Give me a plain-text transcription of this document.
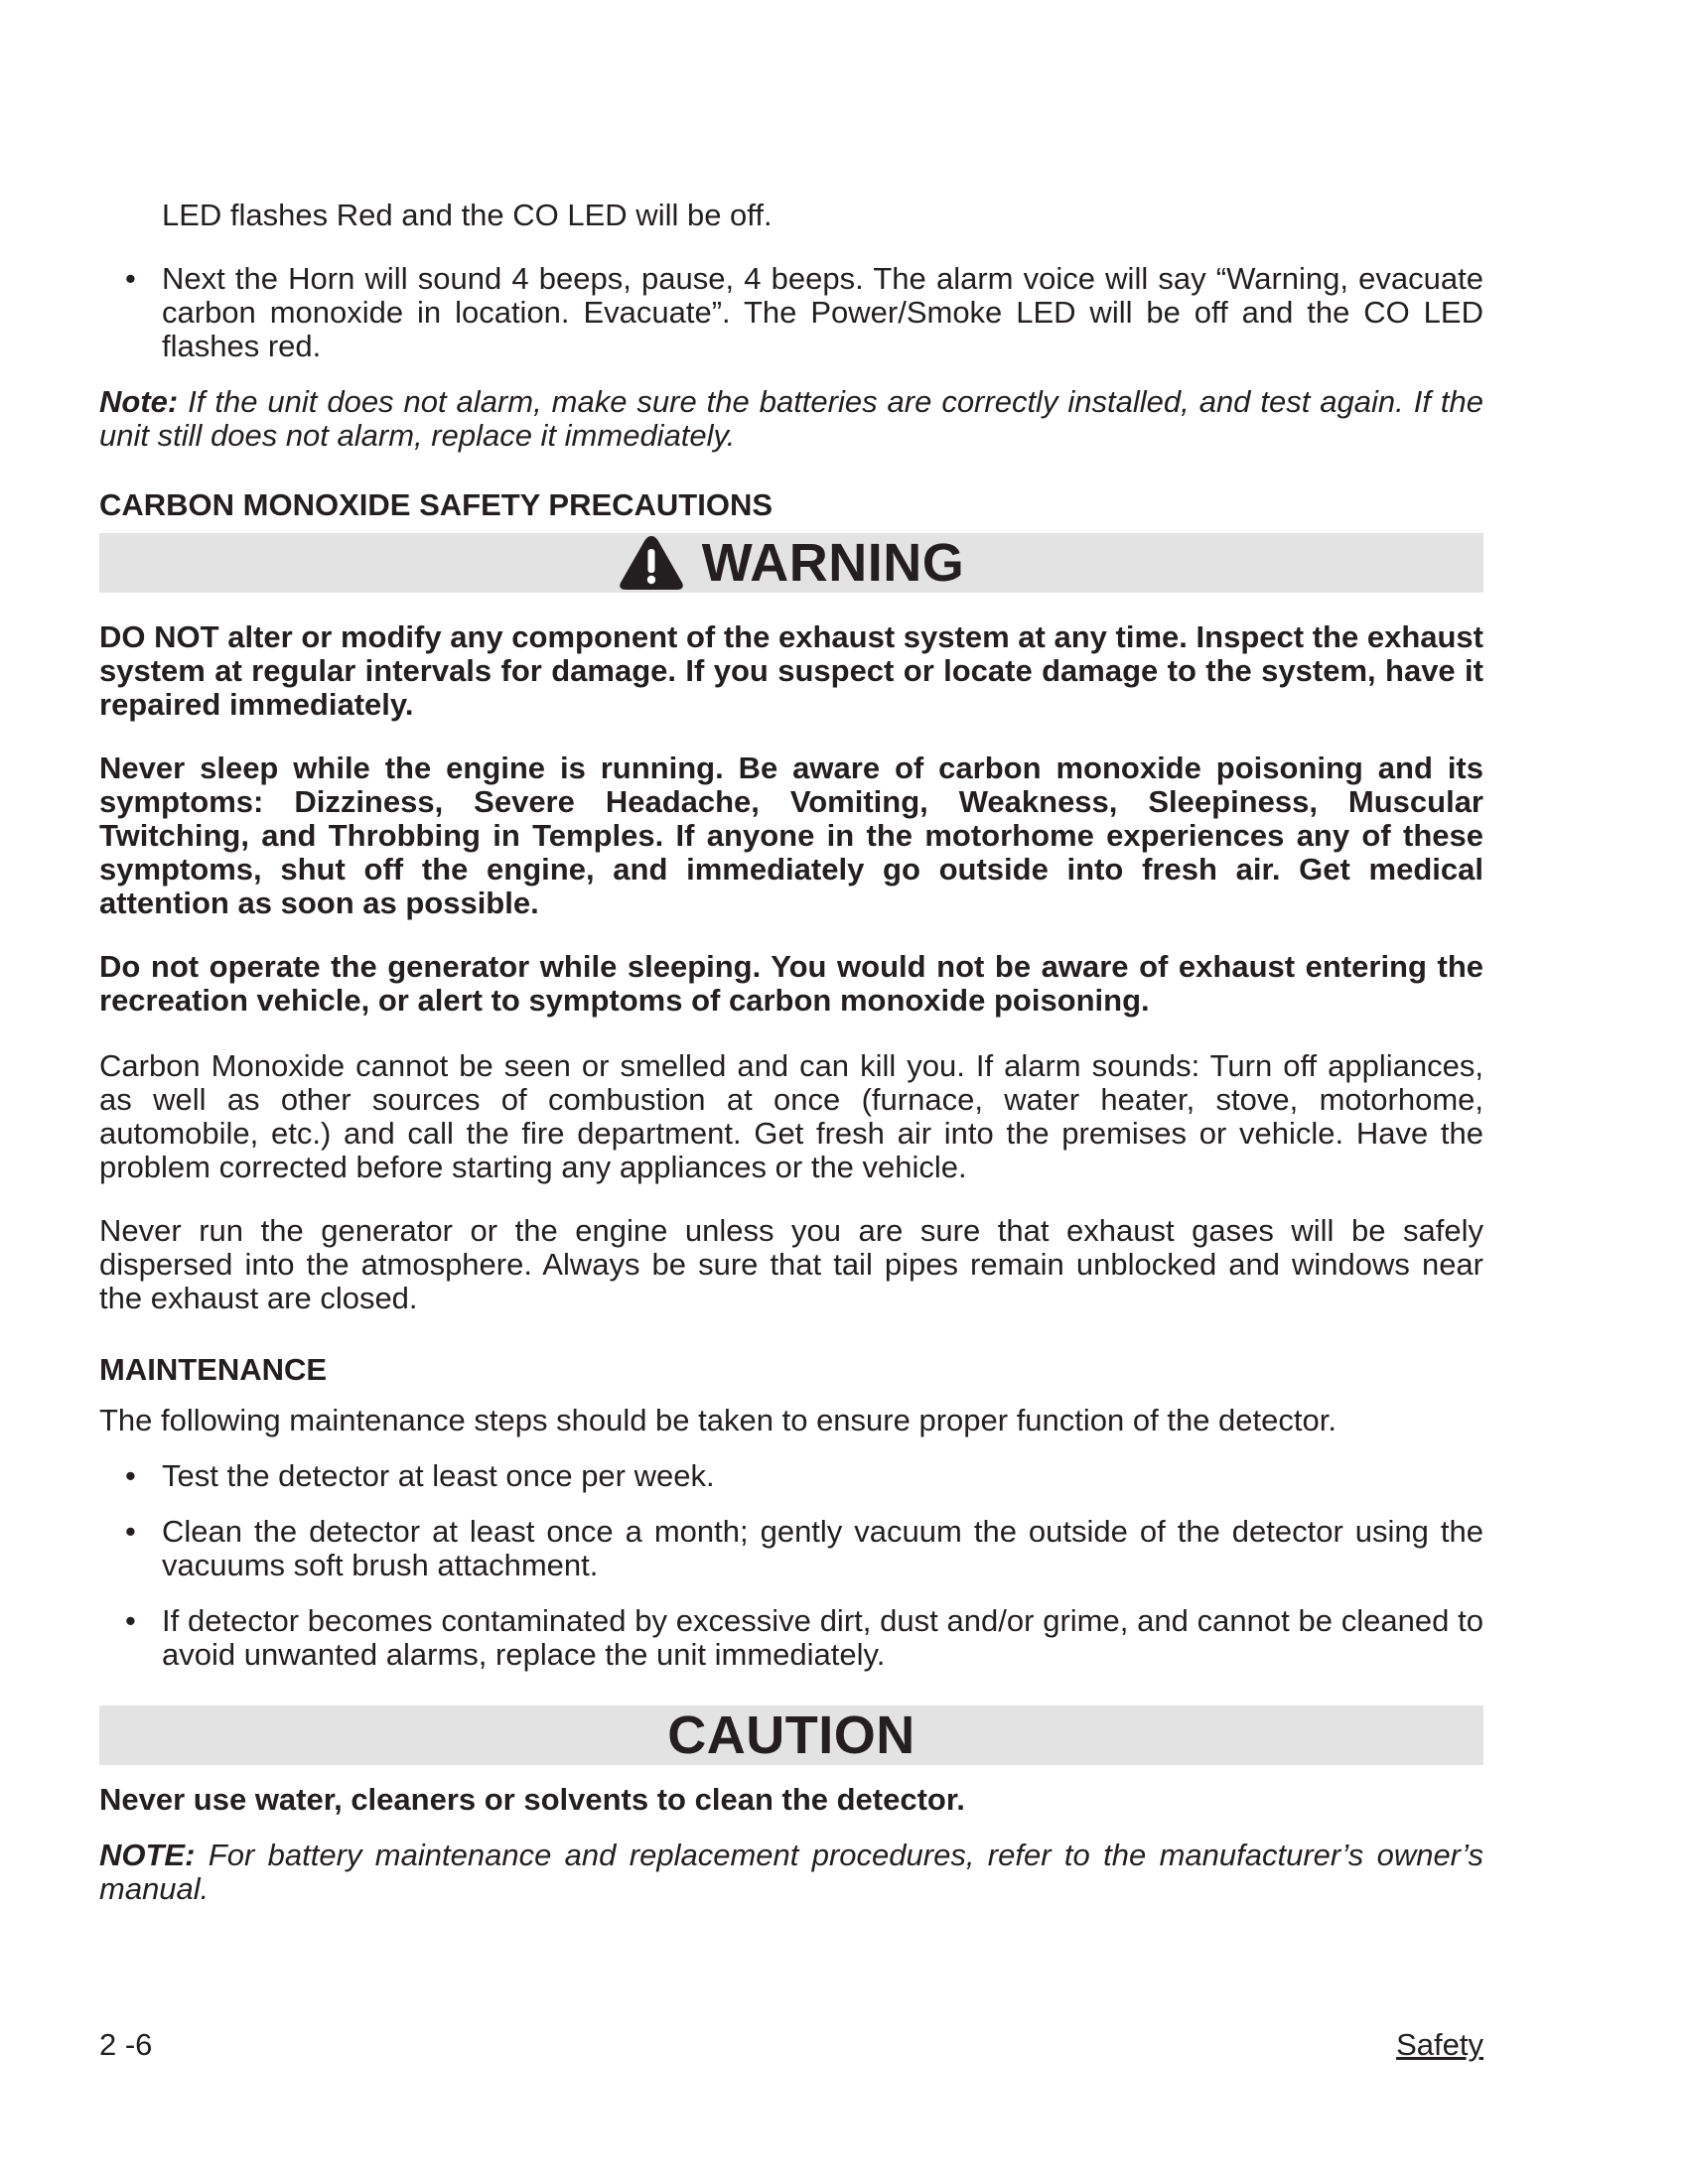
LED flashes Red and the CO LED will be off.

• Next the Horn will sound 4 beeps, pause, 4 beeps. The alarm voice will say “Warning, evacuate carbon monoxide in location. Evacuate”. The Power/Smoke LED will be off and the CO LED flashes red.

Note: If the unit does not alarm, make sure the batteries are correctly installed, and test again. If the unit still does not alarm, replace it immediately.

CARBON MONOXIDE SAFETY PRECAUTIONS

WARNING

DO NOT alter or modify any component of the exhaust system at any time. Inspect the exhaust system at regular intervals for damage. If you suspect or locate damage to the system, have it repaired immediately.

Never sleep while the engine is running. Be aware of carbon monoxide poisoning and its symptoms: Dizziness, Severe Headache, Vomiting, Weakness, Sleepiness, Muscular Twitching, and Throbbing in Temples. If anyone in the motorhome experiences any of these symptoms, shut off the engine, and immediately go outside into fresh air. Get medical attention as soon as possible.

Do not operate the generator while sleeping. You would not be aware of exhaust entering the recreation vehicle, or alert to symptoms of carbon monoxide poisoning.

Carbon Monoxide cannot be seen or smelled and can kill you. If alarm sounds: Turn off appliances, as well as other sources of combustion at once (furnace, water heater, stove, motorhome, automobile, etc.) and call the fire department. Get fresh air into the premises or vehicle. Have the problem corrected before starting any appliances or the vehicle.

Never run the generator or the engine unless you are sure that exhaust gases will be safely dispersed into the atmosphere. Always be sure that tail pipes remain unblocked and windows near the exhaust are closed.

MAINTENANCE

The following maintenance steps should be taken to ensure proper function of the detector.

• Test the detector at least once per week.
• Clean the detector at least once a month; gently vacuum the outside of the detector using the vacuums soft brush attachment.
• If detector becomes contaminated by excessive dirt, dust and/or grime, and cannot be cleaned to avoid unwanted alarms, replace the unit immediately.
CAUTION

Never use water, cleaners or solvents to clean the detector.

NOTE: For battery maintenance and replacement procedures, refer to the manufacturer’s owner’s manual.

2 -6	Safety
